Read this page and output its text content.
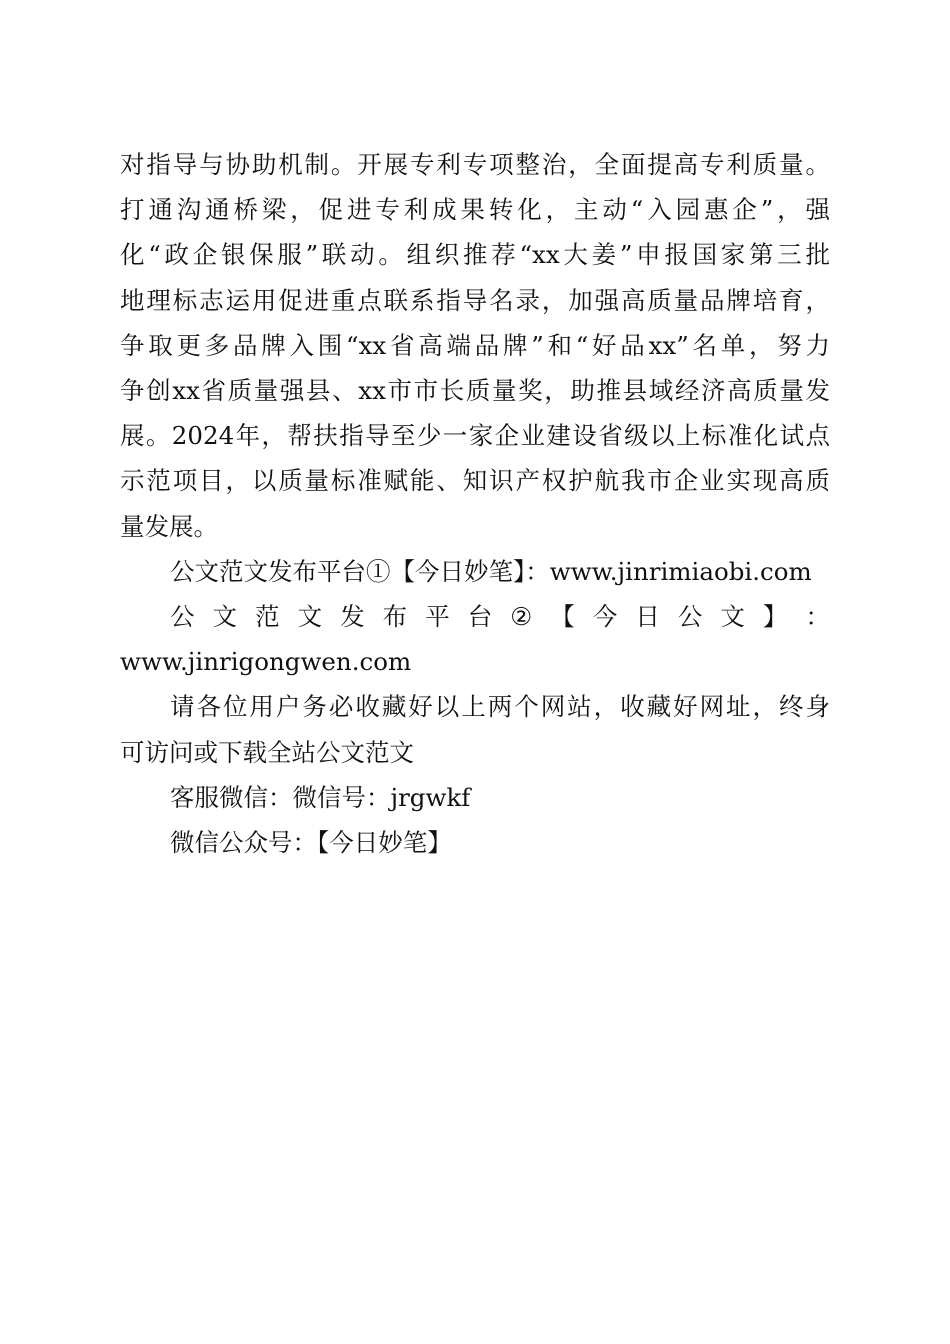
对指导与协助机制。开展专利专项整治，全面提高专利质量。
打通沟通桥梁，促进专利成果转化，主动“入园惠企”，强
化“政企银保服”联动。组织推荐“xx大姜”申报国家第三批
地理标志运用促进重点联系指导名录，加强高质量品牌培育，
争取更多品牌入围“xx省高端品牌”和“好品xx”名单，努力
争创xx省质量强县、xx市市长质量奖，助推县域经济高质量发
展。2024年，帮扶指导至少一家企业建设省级以上标准化试点
示范项目，以质量标准赋能、知识产权护航我市企业实现高质
量发展。

公文范文发布平台①【今日妙笔】：www.jinrimiaobi.com

公 文 范 文 发 布 平 台 ② 【 今 日 公 文 】 ：
www.jinrigongwen.com

请各位用户务必收藏好以上两个网站，收藏好网址，终身
可访问或下载全站公文范文

客服微信：微信号：jrgwkf

微信公众号：【今日妙笔】
